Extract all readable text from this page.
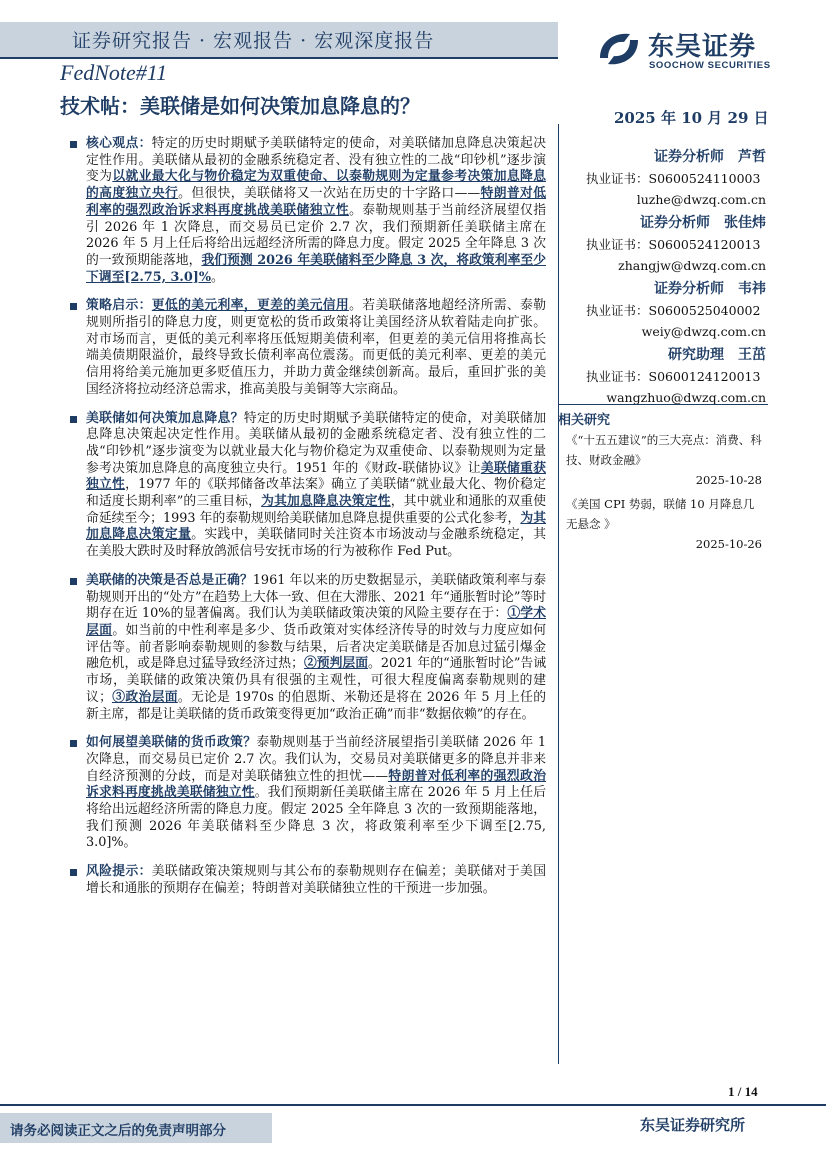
证券研究报告 · 宏观报告 · 宏观深度报告
FedNote#11
东吴证券
SOOCHOW SECURITIES
技术帖：美联储是如何决策加息降息的？	2025 年 10 月 29 日
核心观点：特定的历史时期赋予美联储特定的使命，对美联储加息降息决策起决定性作用。美联储从最初的金融系统稳定者、没有独立性的二战“印钞机”逐步演变为以就业最大化与物价稳定为双重使命、以泰勒规则为定量参考决策加息降息的高度独立央行。但很快，美联储将又一次站在历史的十字路口——特朗普对低利率的强烈政治诉求料再度挑战美联储独立性。泰勒规则基于当前经济展望仅指引 2026 年 1 次降息，而交易员已定价 2.7 次，我们预期新任美联储主席在 2026 年 5 月上任后将给出远超经济所需的降息力度。假定 2025 全年降息 3 次的一致预期能落地，我们预测 2026 年美联储料至少降息 3 次，将政策利率至少下调至[2.75, 3.0]%。
策略启示：更低的美元利率，更差的美元信用。若美联储落地超经济所需、泰勒规则所指引的降息力度，则更宽松的货币政策将让美国经济从软着陆走向扩张。对市场而言，更低的美元利率将压低短期美债利率，但更差的美元信用将推高长端美债期限溢价，最终导致长债利率高位震荡。而更低的美元利率、更差的美元信用将给美元施加更多贬值压力，并助力黄金继续创新高。最后，重回扩张的美国经济将拉动经济总需求，推高美股与美铜等大宗商品。
美联储如何决策加息降息？特定的历史时期赋予美联储特定的使命，对美联储加息降息决策起决定性作用。美联储从最初的金融系统稳定者、没有独立性的二战“印钞机”逐步演变为以就业最大化与物价稳定为双重使命、以泰勒规则为定量参考决策加息降息的高度独立央行。1951 年的《财政-联储协议》让美联储重获独立性，1977 年的《联邦储备改革法案》确立了美联储“就业最大化、物价稳定和适度长期利率”的三重目标，为其加息降息决策定性，其中就业和通胀的双重使命延续至今；1993 年的泰勒规则给美联储加息降息提供重要的公式化参考，为其加息降息决策定量。实践中，美联储同时关注资本市场波动与金融系统稳定，其在美股大跌时及时释放鸽派信号安抚市场的行为被称作 Fed Put。
美联储的决策是否总是正确？1961 年以来的历史数据显示，美联储政策利率与泰勒规则开出的“处方”在趋势上大体一致、但在大滞胀、2021 年“通胀暂时论”等时期存在近 10%的显著偏离。我们认为美联储政策决策的风险主要存在于：①学术层面。如当前的中性利率是多少、货币政策对实体经济传导的时效与力度应如何评估等。前者影响泰勒规则的参数与结果，后者决定美联储是否加息过猛引爆金融危机，或是降息过猛导致经济过热；②预判层面。2021 年的“通胀暂时论”告诫市场，美联储的政策决策仍具有很强的主观性，可很大程度偏离泰勒规则的建议；③政治层面。无论是 1970s 的伯恩斯、米勒还是将在 2026 年 5 月上任的新主席，都是让美联储的货币政策变得更加“政治正确”而非“数据依赖”的存在。
如何展望美联储的货币政策？泰勒规则基于当前经济展望指引美联储 2026 年 1 次降息，而交易员已定价 2.7 次。我们认为，交易员对美联储更多的降息并非来自经济预测的分歧，而是对美联储独立性的担忧——特朗普对低利率的强烈政治诉求料再度挑战美联储独立性。我们预期新任美联储主席在 2026 年 5 月上任后将给出远超经济所需的降息力度。假定 2025 全年降息 3 次的一致预期能落地，我们预测 2026 年美联储料至少降息 3 次，将政策利率至少下调至[2.75, 3.0]%。
风险提示：美联储政策决策规则与其公布的泰勒规则存在偏差；美联储对于美国增长和通胀的预期存在偏差；特朗普对美联储独立性的干预进一步加强。
证券分析师　芦哲
执业证书：S0600524110003
luzhe@dwzq.com.cn
证券分析师　张佳炜
执业证书：S0600524120013
zhangjw@dwzq.com.cn
证券分析师　韦祎
执业证书：S0600525040002
weiy@dwzq.com.cn
研究助理　王茁
执业证书：S0600124120013
wangzhuo@dwzq.com.cn
相关研究
《“十五五建议”的三大亮点：消费、科技、财政金融》
2025-10-28
《美国 CPI 势弱，联储 10 月降息几无悬念 》
2025-10-26
1 / 14
请务必阅读正文之后的免责声明部分	东吴证券研究所
